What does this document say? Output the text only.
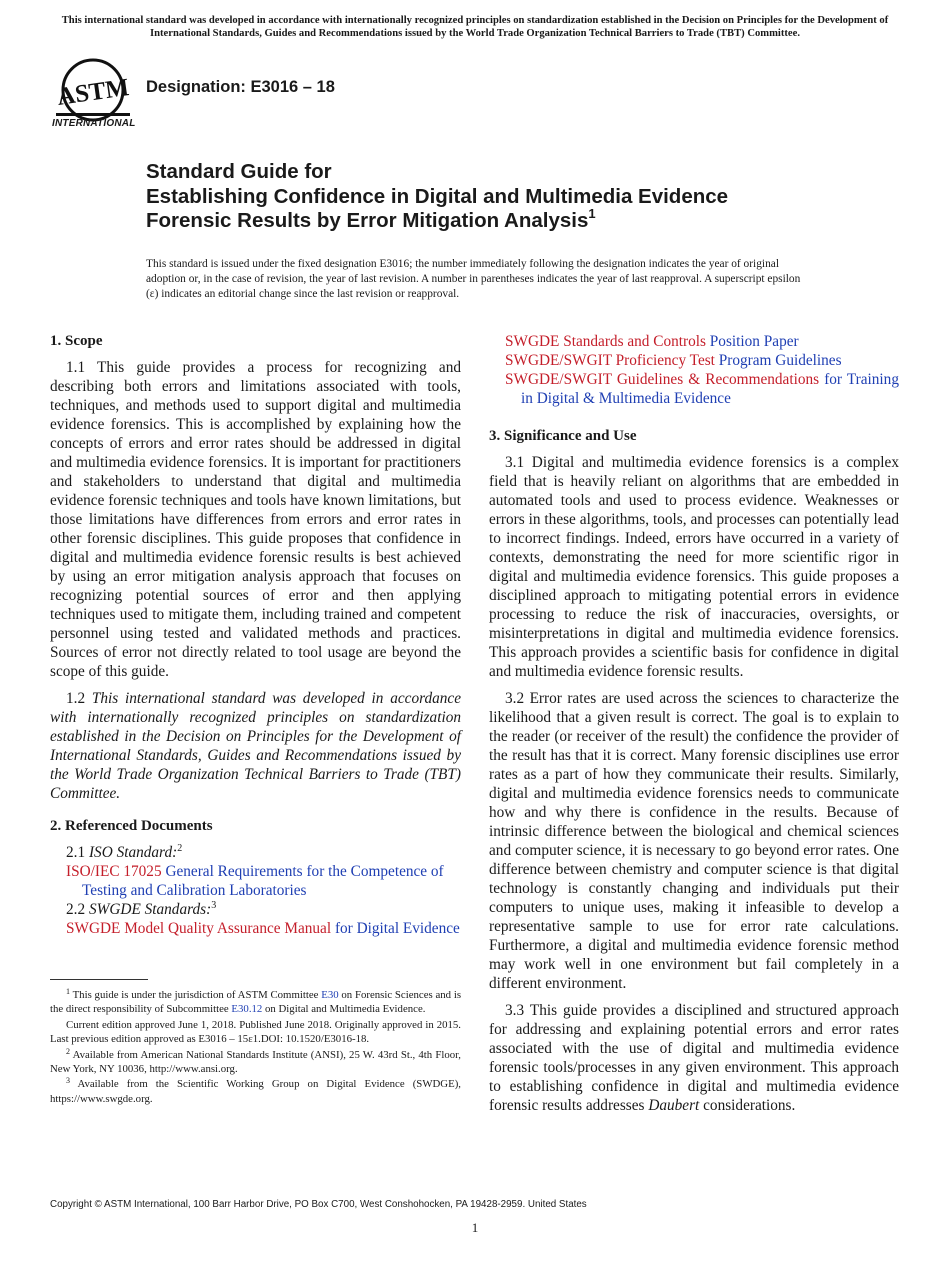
This international standard was developed in accordance with internationally recognized principles on standardization established in the Decision on Principles for the Development of International Standards, Guides and Recommendations issued by the World Trade Organization Technical Barriers to Trade (TBT) Committee.
ASTM
INTERNATIONAL
Designation: E3016 – 18
Standard Guide for
Establishing Confidence in Digital and Multimedia Evidence
Forensic Results by Error Mitigation Analysis$^1$
This standard is issued under the fixed designation E3016; the number immediately following the designation indicates the year of original adoption or, in the case of revision, the year of last revision. A number in parentheses indicates the year of last reapproval. A superscript epsilon (ε) indicates an editorial change since the last revision or reapproval.
1. Scope
1.1 This guide provides a process for recognizing and describing both errors and limitations associated with tools, techniques, and methods used to support digital and multimedia evidence forensics. This is accomplished by explaining how the concepts of errors and error rates should be addressed in digital and multimedia evidence forensics. It is important for practitioners and stakeholders to understand that digital and multimedia evidence forensic techniques and tools have known limitations, but those limitations have differences from errors and error rates in other forensic disciplines. This guide proposes that confidence in digital and multimedia evidence forensic results is best achieved by using an error mitigation analysis approach that focuses on recognizing potential sources of error and then applying techniques used to mitigate them, including trained and competent personnel using tested and validated methods and practices. Sources of error not directly related to tool usage are beyond the scope of this guide.
1.2 This international standard was developed in accordance with internationally recognized principles on standardization established in the Decision on Principles for the Development of International Standards, Guides and Recommendations issued by the World Trade Organization Technical Barriers to Trade (TBT) Committee.
2. Referenced Documents
2.1 ISO Standard:$^2$
ISO/IEC 17025 General Requirements for the Competence of Testing and Calibration Laboratories
2.2 SWGDE Standards:$^3$
SWGDE Model Quality Assurance Manual for Digital Evidence
SWGDE Standards and Controls Position Paper
SWGDE/SWGIT Proficiency Test Program Guidelines
SWGDE/SWGIT Guidelines & Recommendations for Training in Digital & Multimedia Evidence
3. Significance and Use
3.1 Digital and multimedia evidence forensics is a complex field that is heavily reliant on algorithms that are embedded in automated tools and used to process evidence. Weaknesses or errors in these algorithms, tools, and processes can potentially lead to incorrect findings. Indeed, errors have occurred in a variety of contexts, demonstrating the need for more scientific rigor in digital and multimedia evidence forensics. This guide proposes a disciplined approach to mitigating potential errors in evidence processing to reduce the risk of inaccuracies, oversights, or misinterpretations in digital and multimedia evidence forensics. This approach provides a scientific basis for confidence in digital and multimedia evidence forensic results.
3.2 Error rates are used across the sciences to characterize the likelihood that a given result is correct. The goal is to explain to the reader (or receiver of the result) the confidence the provider of the result has that it is correct. Many forensic disciplines use error rates as a part of how they communicate their results. Similarly, digital and multimedia evidence forensics needs to communicate how and why there is confidence in the results. Because of intrinsic difference between the biological and chemical sciences and computer science, it is necessary to go beyond error rates. One difference between chemistry and computer science is that digital technology is constantly changing and individuals put their computers to unique uses, making it infeasible to develop a representative sample to use for error rate calculations. Furthermore, a digital and multimedia evidence forensic method may work well in one environment but fail completely in a different environment.
3.3 This guide provides a disciplined and structured approach for addressing and explaining potential errors and error rates associated with the use of digital and multimedia evidence forensic tools/processes in any given environment. This approach to establishing confidence in digital and multimedia evidence forensic results addresses Daubert considerations.
$^1$ This guide is under the jurisdiction of ASTM Committee E30 on Forensic Sciences and is the direct responsibility of Subcommittee E30.12 on Digital and Multimedia Evidence.
Current edition approved June 1, 2018. Published June 2018. Originally approved in 2015. Last previous edition approved as E3016 – 15ε1.DOI: 10.1520/E3016-18.
$^2$ Available from American National Standards Institute (ANSI), 25 W. 43rd St., 4th Floor, New York, NY 10036, http://www.ansi.org.
$^3$ Available from the Scientific Working Group on Digital Evidence (SWDGE), https://www.swgde.org.
Copyright © ASTM International, 100 Barr Harbor Drive, PO Box C700, West Conshohocken, PA 19428-2959. United States
1
